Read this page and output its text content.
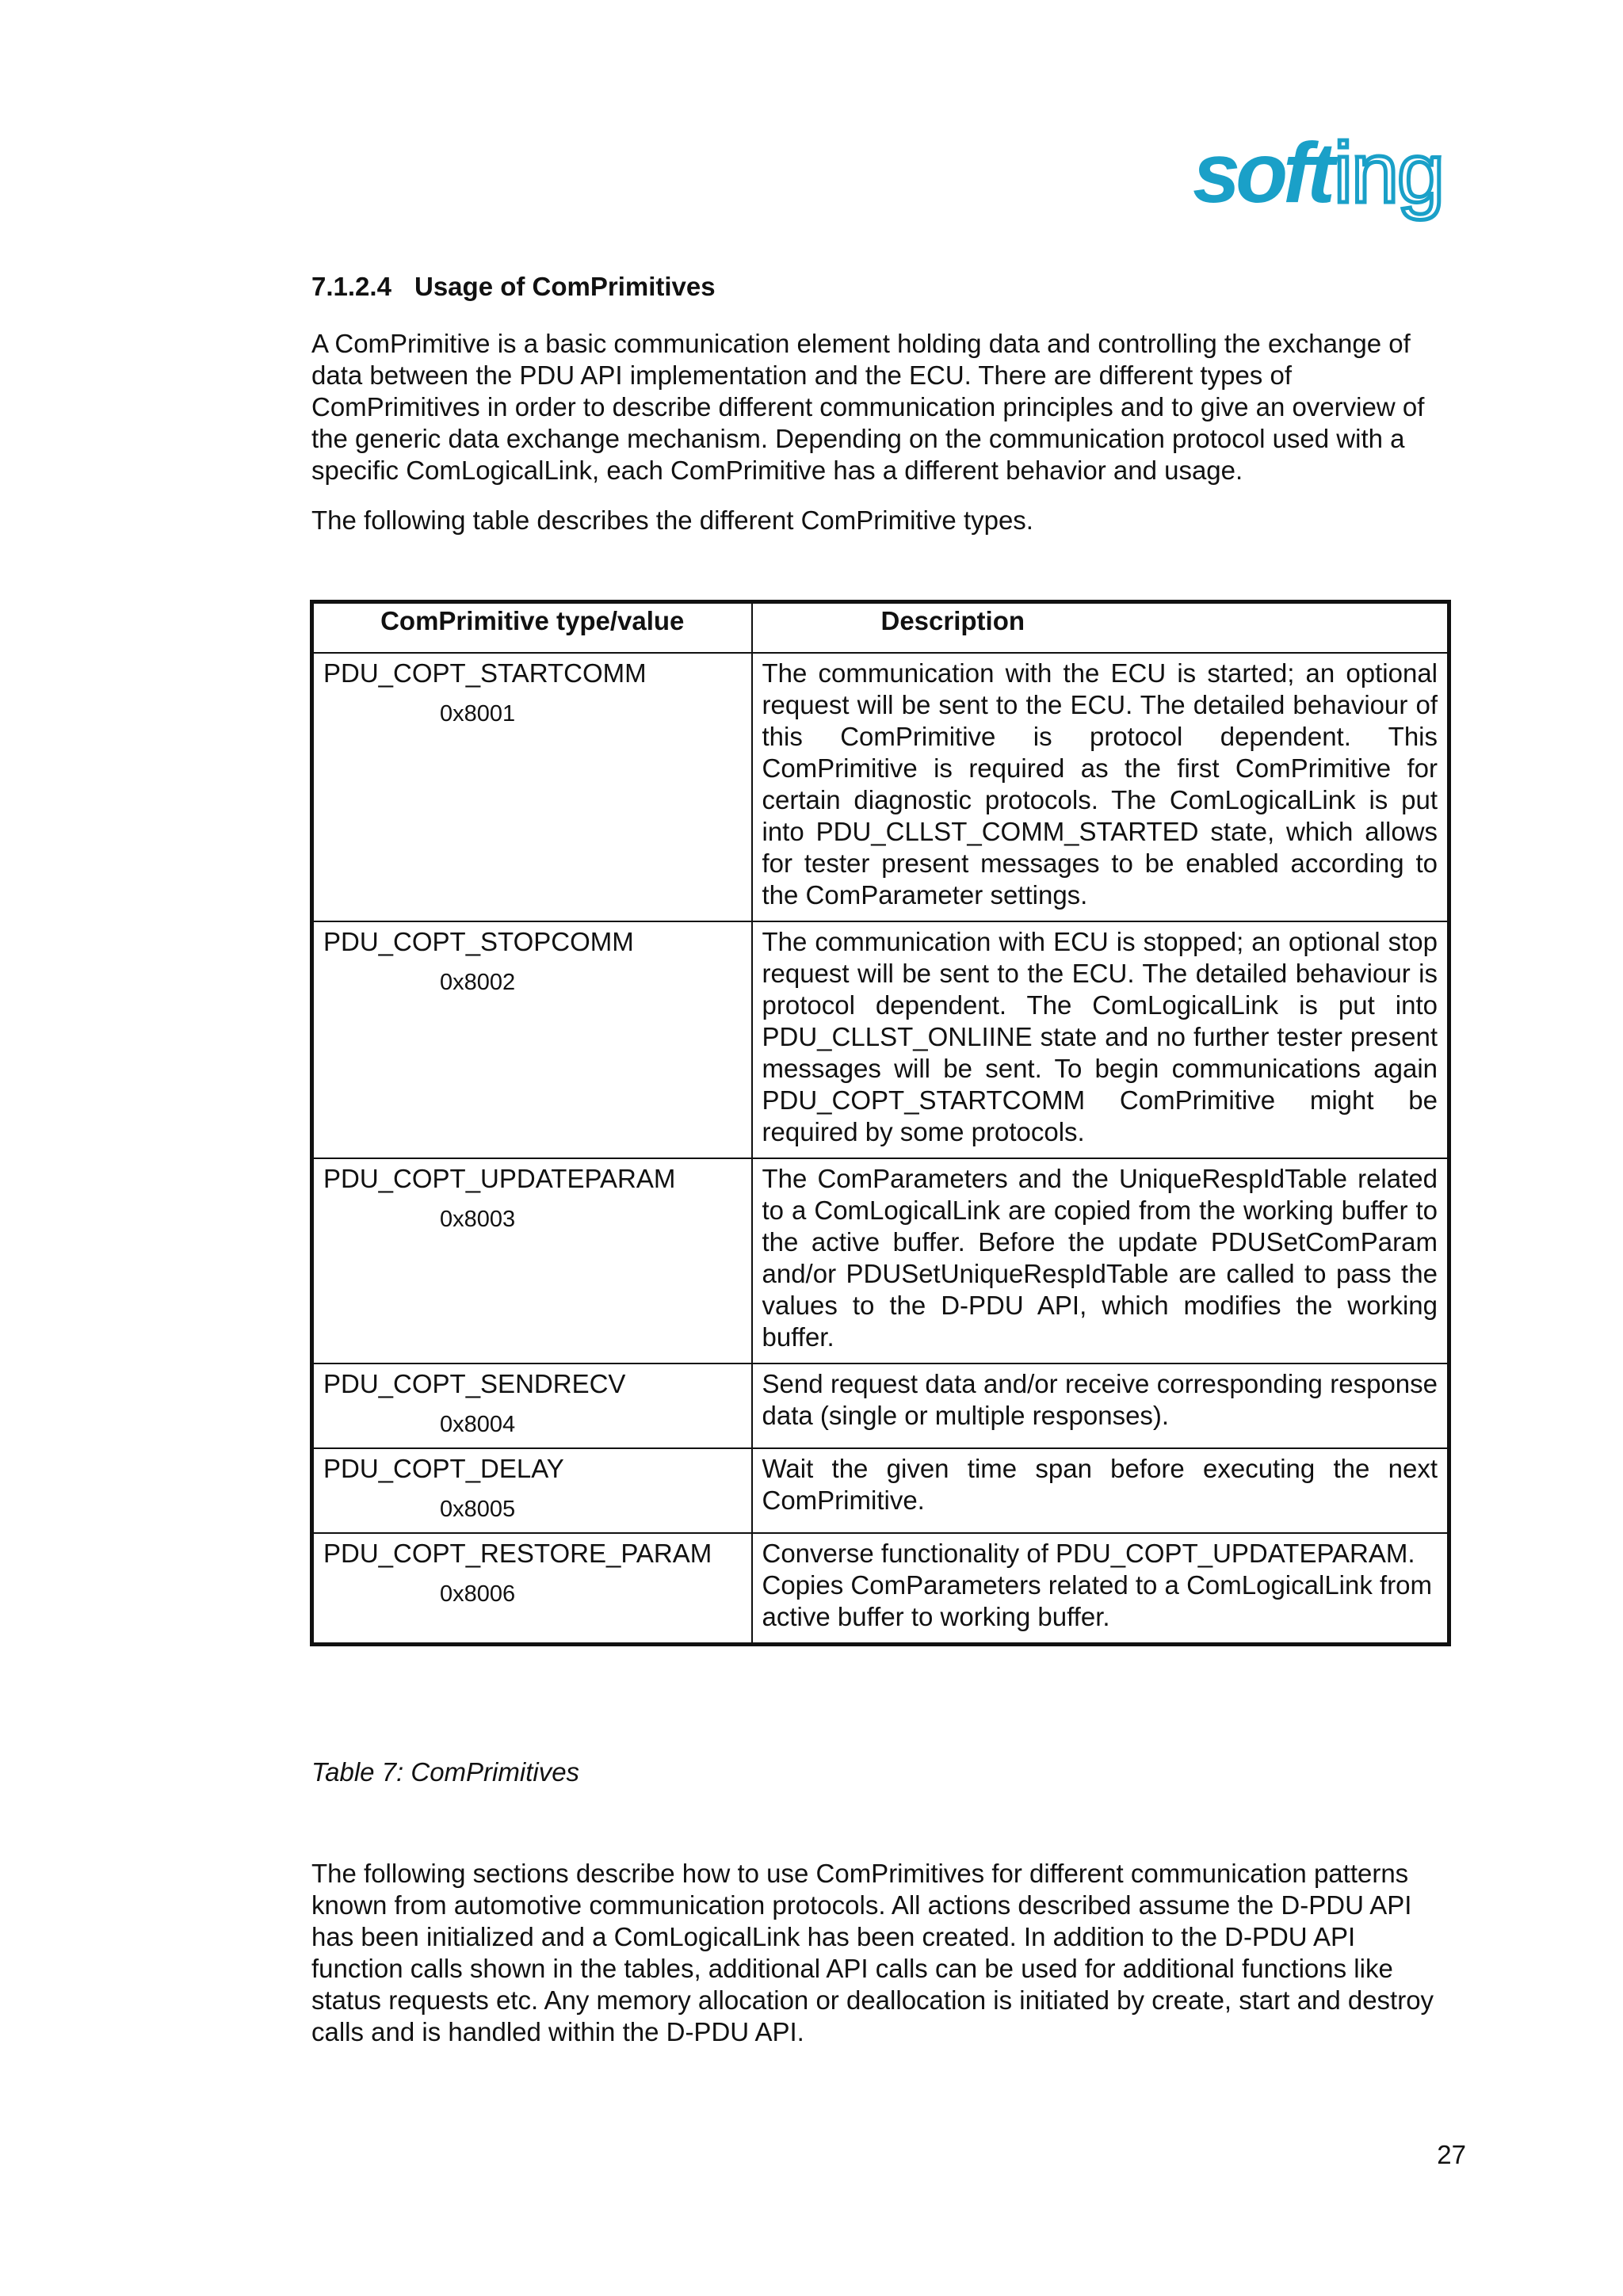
soft ing
7.1.2.4 Usage of ComPrimitives
A ComPrimitive is a basic communication element holding data and controlling the exchange of data between the PDU API implementation and the ECU. There are different types of ComPrimitives in order to describe different communication principles and to give an overview of the generic data exchange mechanism. Depending on the communication protocol used with a specific ComLogicalLink, each ComPrimitive has a different behavior and usage.
The following table describes the different ComPrimitive types.
ComPrimitive type/value	Description

PDU_COPT_STARTCOMM
0x8001	The communication with the ECU is started; an optional request will be sent to the ECU. The detailed behaviour of this ComPrimitive is protocol dependent. This ComPrimitive is required as the first ComPrimitive for certain diagnostic protocols. The ComLogicalLink is put into PDU_CLLST_COMM_STARTED state, which allows for tester present messages to be enabled according to the ComParameter settings.

PDU_COPT_STOPCOMM
0x8002	The communication with ECU is stopped; an optional stop request will be sent to the ECU. The detailed behaviour is protocol dependent. The ComLogicalLink is put into PDU_CLLST_ONLIINE state and no further tester present messages will be sent. To begin communications again PDU_COPT_STARTCOMM ComPrimitive might be required by some protocols.

PDU_COPT_UPDATEPARAM
0x8003	The ComParameters and the UniqueRespIdTable related to a ComLogicalLink are copied from the working buffer to the active buffer. Before the update PDUSetComParam and/or PDUSetUniqueRespIdTable are called to pass the values to the D-PDU API, which modifies the working buffer.

PDU_COPT_SENDRECV
0x8004	Send request data and/or receive corresponding response data (single or multiple responses).

PDU_COPT_DELAY
0x8005	Wait the given time span before executing the next ComPrimitive.

PDU_COPT_RESTORE_PARAM
0x8006	Converse functionality of PDU_COPT_UPDATEPARAM. Copies ComParameters related to a ComLogicalLink from active buffer to working buffer.
Table 7: ComPrimitives
The following sections describe how to use ComPrimitives for different communication patterns known from automotive communication protocols. All actions described assume the D-PDU API has been initialized and a ComLogicalLink has been created. In addition to the D-PDU API function calls shown in the tables, additional API calls can be used for additional functions like status requests etc. Any memory allocation or deallocation is initiated by create, start and destroy calls and is handled within the D-PDU API.
27
